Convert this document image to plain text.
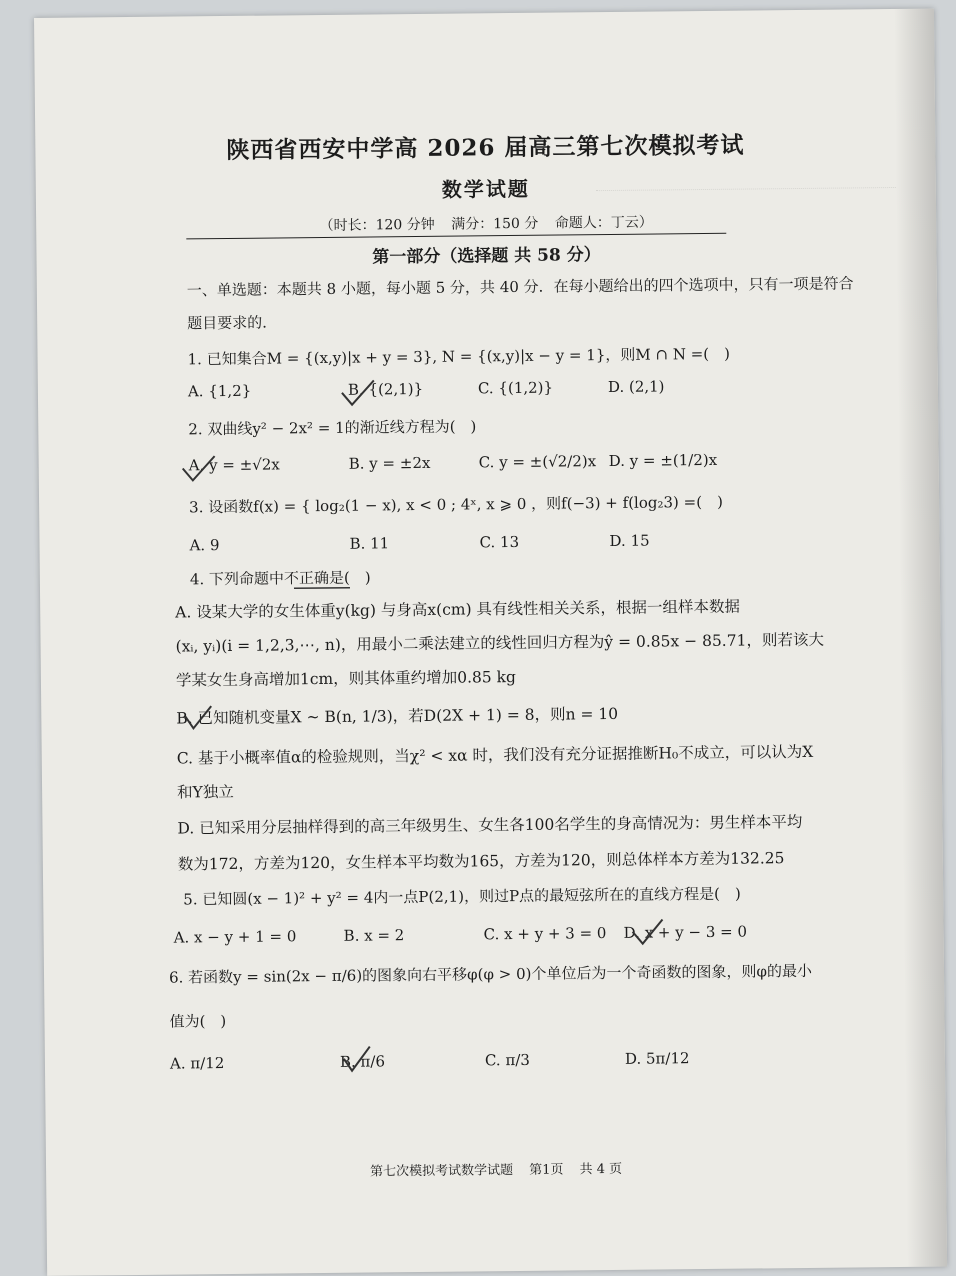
陕西省西安中学高 2026 届高三第七次模拟考试
数学试题
（时长：120 分钟 满分：150 分 命题人：丁云）
第一部分（选择题 共 58 分）
一、单选题：本题共 8 小题，每小题 5 分，共 40 分．在每小题给出的四个选项中，只有一项是符合题目要求的．
1. 已知集合M = {(x,y)|x + y = 3}, N = {(x,y)|x − y = 1}，则M ∩ N =(　)
A. {1,2}	B. {(2,1)}	C. {(1,2)}	D. (2,1)
2. 双曲线y² − 2x² = 1的渐近线方程为(　)
A. y = ±√2x	B. y = ±2x	C. y = ±(√2/2)x D. y = ±(1/2)x
3. 设函数f(x) = { log₂(1 − x), x < 0 ; 4ˣ, x ⩾ 0 ，则f(−3) + f(log₂3) =(　)
A. 9	B. 11	C. 13	D. 15
4. 下列命题中不正确是(　)
A. 设某大学的女生体重y(kg) 与身高x(cm) 具有线性相关关系，根据一组样本数据
(xᵢ, yᵢ)(i = 1,2,3,⋯, n)，用最小二乘法建立的线性回归方程为ŷ = 0.85x − 85.71，则若该大
学某女生身高增加1cm，则其体重约增加0.85 kg
B. 已知随机变量X ~ B(n, 1/3)，若D(2X + 1) = 8，则n = 10
C. 基于小概率值α的检验规则，当χ² < xα 时，我们没有充分证据推断H₀不成立，可以认为X
和Y独立
D. 已知采用分层抽样得到的高三年级男生、女生各100名学生的身高情况为：男生样本平均
数为172，方差为120，女生样本平均数为165，方差为120，则总体样本方差为132.25
5. 已知圆(x − 1)² + y² = 4内一点P(2,1)，则过P点的最短弦所在的直线方程是(　)
A. x − y + 1 = 0	B. x = 2	C. x + y + 3 = 0 D. x + y − 3 = 0
6. 若函数y = sin(2x − π/6)的图象向右平移φ(φ > 0)个单位后为一个奇函数的图象，则φ的最小
值为(　)
A. π/12	B. π/6	C. π/3	D. 5π/12
第七次模拟考试数学试题 第1页 共 4 页
